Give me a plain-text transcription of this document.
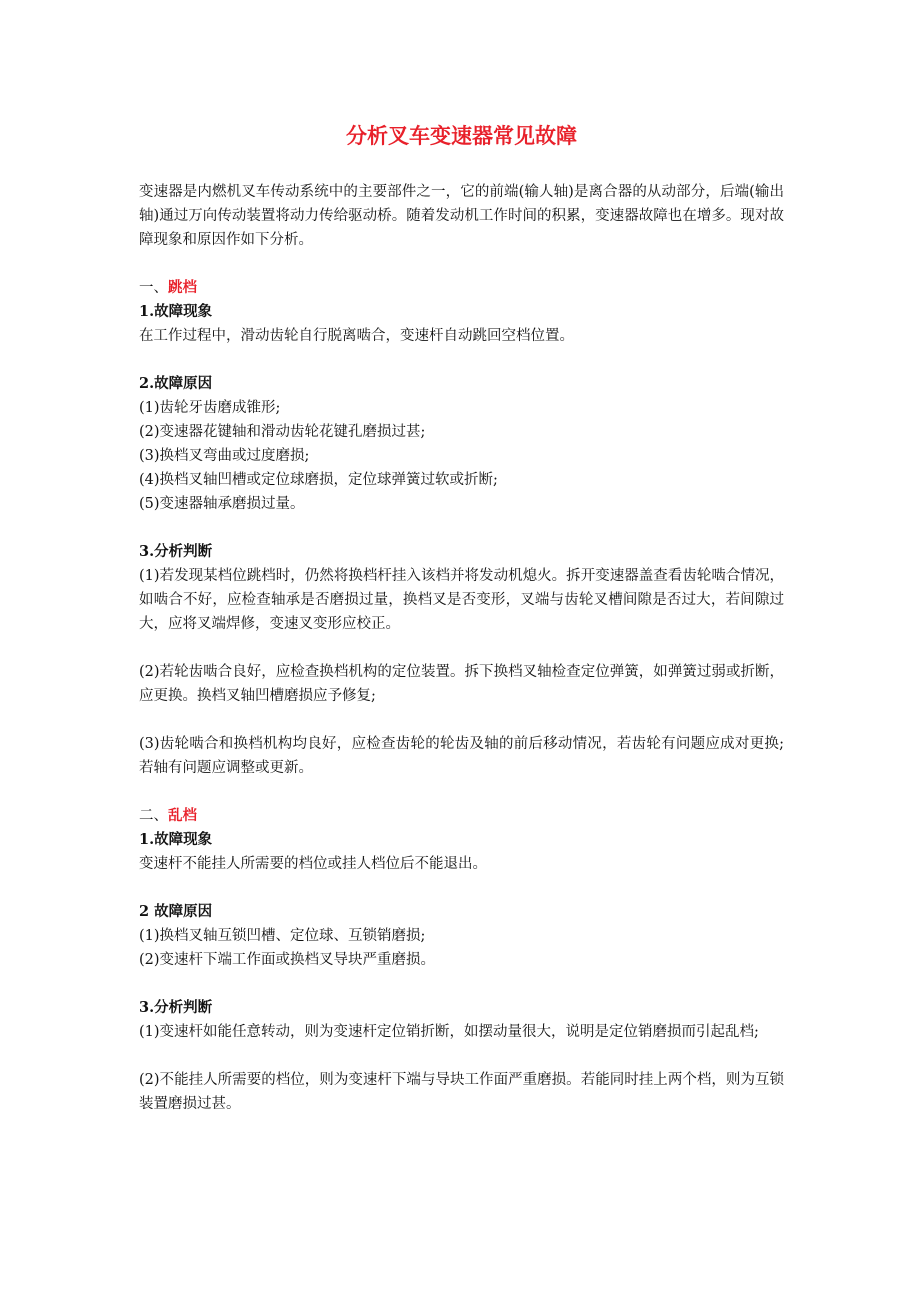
分析叉车变速器常见故障

变速器是内燃机叉车传动系统中的主要部件之一，它的前端(输人轴)是离合器的从动部分，后端(输出轴)通过万向传动装置将动力传给驱动桥。随着发动机工作时间的积累，变速器故障也在增多。现对故障现象和原因作如下分析。

一、跳档

1.故障现象

在工作过程中，滑动齿轮自行脱离啮合，变速杆自动跳回空档位置。

2.故障原因

(1)齿轮牙齿磨成锥形;

(2)变速器花键轴和滑动齿轮花键孔磨损过甚;

(3)换档叉弯曲或过度磨损;

(4)换档叉轴凹槽或定位球磨损，定位球弹簧过软或折断;

(5)变速器轴承磨损过量。

3.分析判断

(1)若发现某档位跳档时，仍然将换档杆挂入该档并将发动机熄火。拆开变速器盖查看齿轮啮合情况，如啮合不好，应检查轴承是否磨损过量，换档叉是否变形，叉端与齿轮叉槽间隙是否过大，若间隙过大，应将叉端焊修，变速叉变形应校正。

(2)若轮齿啮合良好，应检查换档机构的定位装置。拆下换档叉轴检查定位弹簧，如弹簧过弱或折断，应更换。换档叉轴凹槽磨损应予修复;

(3)齿轮啮合和换档机构均良好，应检查齿轮的轮齿及轴的前后移动情况，若齿轮有问题应成对更换;若轴有问题应调整或更新。

二、乱档

1.故障现象

变速杆不能挂人所需要的档位或挂人档位后不能退出。

2 故障原因

(1)换档叉轴互锁凹槽、定位球、互锁销磨损;

(2)变速杆下端工作面或换档叉导块严重磨损。

3.分析判断

(1)变速杆如能任意转动，则为变速杆定位销折断，如摆动量很大，说明是定位销磨损而引起乱档;

(2)不能挂人所需要的档位，则为变速杆下端与导块工作面严重磨损。若能同时挂上两个档，则为互锁装置磨损过甚。
